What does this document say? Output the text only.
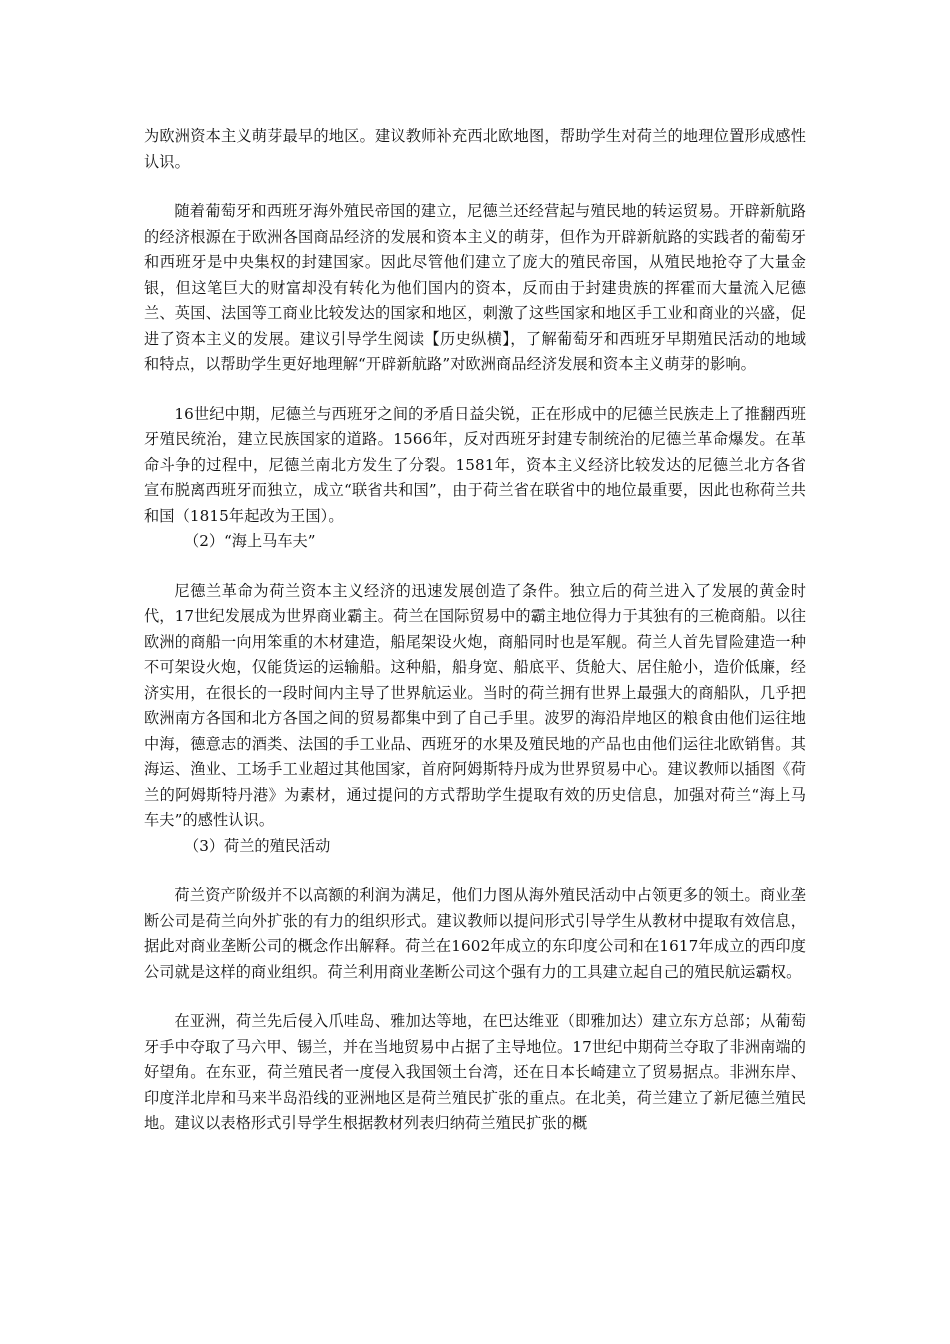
为欧洲资本主义萌芽最早的地区。建议教师补充西北欧地图，帮助学生对荷兰的地理位置形成感性认识。

随着葡萄牙和西班牙海外殖民帝国的建立，尼德兰还经营起与殖民地的转运贸易。开辟新航路的经济根源在于欧洲各国商品经济的发展和资本主义的萌芽，但作为开辟新航路的实践者的葡萄牙和西班牙是中央集权的封建国家。因此尽管他们建立了庞大的殖民帝国，从殖民地抢夺了大量金银，但这笔巨大的财富却没有转化为他们国内的资本，反而由于封建贵族的挥霍而大量流入尼德兰、英国、法国等工商业比较发达的国家和地区，刺激了这些国家和地区手工业和商业的兴盛，促进了资本主义的发展。建议引导学生阅读【历史纵横】，了解葡萄牙和西班牙早期殖民活动的地域和特点，以帮助学生更好地理解“开辟新航路”对欧洲商品经济发展和资本主义萌芽的影响。

16世纪中期，尼德兰与西班牙之间的矛盾日益尖锐，正在形成中的尼德兰民族走上了推翻西班牙殖民统治，建立民族国家的道路。1566年，反对西班牙封建专制统治的尼德兰革命爆发。在革命斗争的过程中，尼德兰南北方发生了分裂。1581年，资本主义经济比较发达的尼德兰北方各省宣布脱离西班牙而独立，成立“联省共和国”，由于荷兰省在联省中的地位最重要，因此也称荷兰共和国（1815年起改为王国）。

（2）“海上马车夫”

尼德兰革命为荷兰资本主义经济的迅速发展创造了条件。独立后的荷兰进入了发展的黄金时代，17世纪发展成为世界商业霸主。荷兰在国际贸易中的霸主地位得力于其独有的三桅商船。以往欧洲的商船一向用笨重的木材建造，船尾架设火炮，商船同时也是军舰。荷兰人首先冒险建造一种不可架设火炮，仅能货运的运输船。这种船，船身宽、船底平、货舱大、居住舱小，造价低廉，经济实用，在很长的一段时间内主导了世界航运业。当时的荷兰拥有世界上最强大的商船队，几乎把欧洲南方各国和北方各国之间的贸易都集中到了自己手里。波罗的海沿岸地区的粮食由他们运往地中海，德意志的酒类、法国的手工业品、西班牙的水果及殖民地的产品也由他们运往北欧销售。其海运、渔业、工场手工业超过其他国家，首府阿姆斯特丹成为世界贸易中心。建议教师以插图《荷兰的阿姆斯特丹港》为素材，通过提问的方式帮助学生提取有效的历史信息，加强对荷兰“海上马车夫”的感性认识。

（3）荷兰的殖民活动

荷兰资产阶级并不以高额的利润为满足，他们力图从海外殖民活动中占领更多的领土。商业垄断公司是荷兰向外扩张的有力的组织形式。建议教师以提问形式引导学生从教材中提取有效信息，据此对商业垄断公司的概念作出解释。荷兰在1602年成立的东印度公司和在1617年成立的西印度公司就是这样的商业组织。荷兰利用商业垄断公司这个强有力的工具建立起自己的殖民航运霸权。

在亚洲，荷兰先后侵入爪哇岛、雅加达等地，在巴达维亚（即雅加达）建立东方总部；从葡萄牙手中夺取了马六甲、锡兰，并在当地贸易中占据了主导地位。17世纪中期荷兰夺取了非洲南端的好望角。在东亚，荷兰殖民者一度侵入我国领土台湾，还在日本长崎建立了贸易据点。非洲东岸、印度洋北岸和马来半岛沿线的亚洲地区是荷兰殖民扩张的重点。在北美，荷兰建立了新尼德兰殖民地。建议以表格形式引导学生根据教材列表归纳荷兰殖民扩张的概
